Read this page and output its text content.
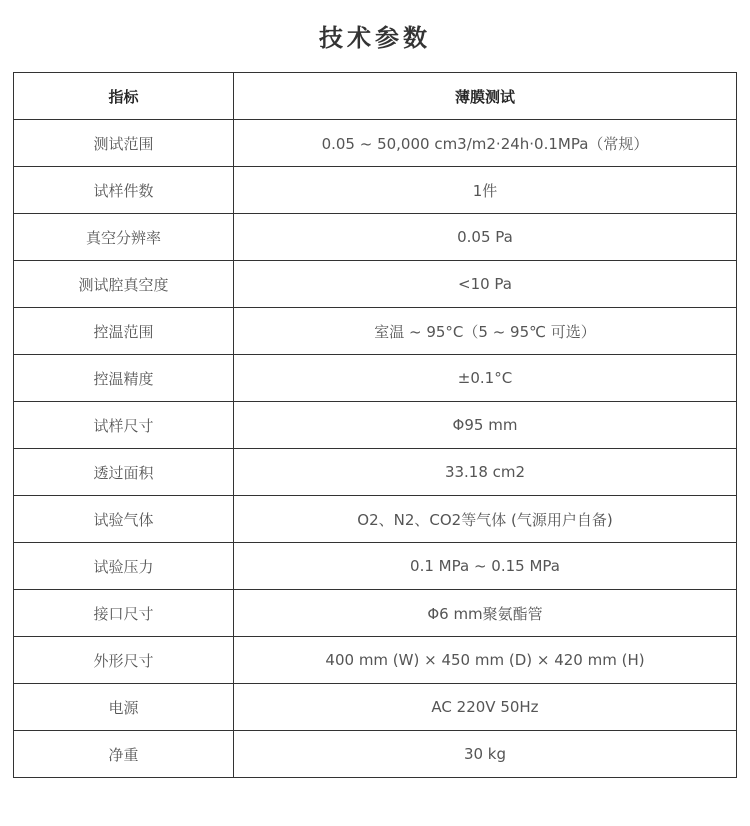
技术参数
指标	薄膜测试
测试范围	0.05 ~ 50,000 cm3/m2·24h·0.1MPa（常规）
试样件数	1件
真空分辨率	0.05 Pa
测试腔真空度	<10 Pa
控温范围	室温 ~ 95°C（5 ~ 95℃ 可选）
控温精度	±0.1°C
试样尺寸	Φ95 mm
透过面积	33.18 cm2
试验气体	O2、N2、CO2等气体 (气源用户自备)
试验压力	0.1 MPa ~ 0.15 MPa
接口尺寸	Φ6 mm聚氨酯管
外形尺寸	400 mm (W) × 450 mm (D) × 420 mm (H)
电源	AC 220V 50Hz
净重	30 kg
